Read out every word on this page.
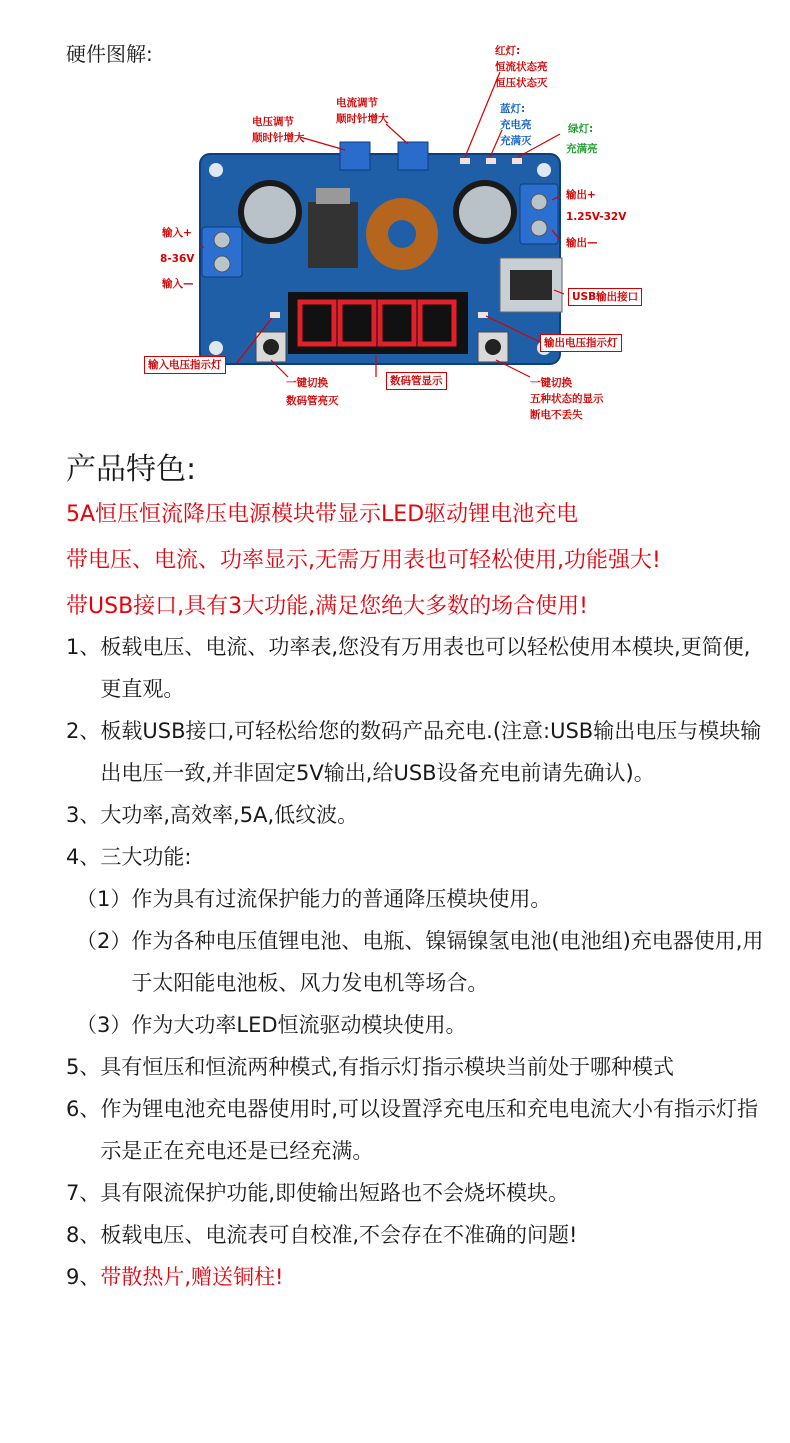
硬件图解:
电压调节
顺时针增大
电流调节
顺时针增大
红灯:
恒流状态亮
恒压状态灭
蓝灯:
充电亮
充满灭
绿灯:
充满亮
输入+
8-36V
输入—
输出+
1.25V-32V
输出—
USB输出接口
输入电压指示灯
输出电压指示灯
一键切换
数码管亮灭
数码管显示	一键切换
五种状态的显示
断电不丢失
产品特色:
5A恒压恒流降压电源模块带显示LED驱动锂电池充电
带电压、电流、功率显示,无需万用表也可轻松使用,功能强大!
带USB接口,具有3大功能,满足您绝大多数的场合使用!
1、 板载电压、电流、功率表,您没有万用表也可以轻松使用本模块,更简便,更直观。
2、 板载USB接口,可轻松给您的数码产品充电.(注意:USB输出电压与模块输出电压一致,并非固定5V输出,给USB设备充电前请先确认)。
3、 大功率,高效率,5A,低纹波。
4、 三大功能:
（1） 作为具有过流保护能力的普通降压模块使用。
（2） 作为各种电压值锂电池、电瓶、镍镉镍氢电池(电池组)充电器使用,用于太阳能电池板、风力发电机等场合。
（3） 作为大功率LED恒流驱动模块使用。
5、 具有恒压和恒流两种模式,有指示灯指示模块当前处于哪种模式
6、 作为锂电池充电器使用时,可以设置浮充电压和充电电流大小有指示灯指示是正在充电还是已经充满。
7、 具有限流保护功能,即使输出短路也不会烧坏模块。
8、 板载电压、电流表可自校准,不会存在不准确的问题!
9、 带散热片,赠送铜柱!
